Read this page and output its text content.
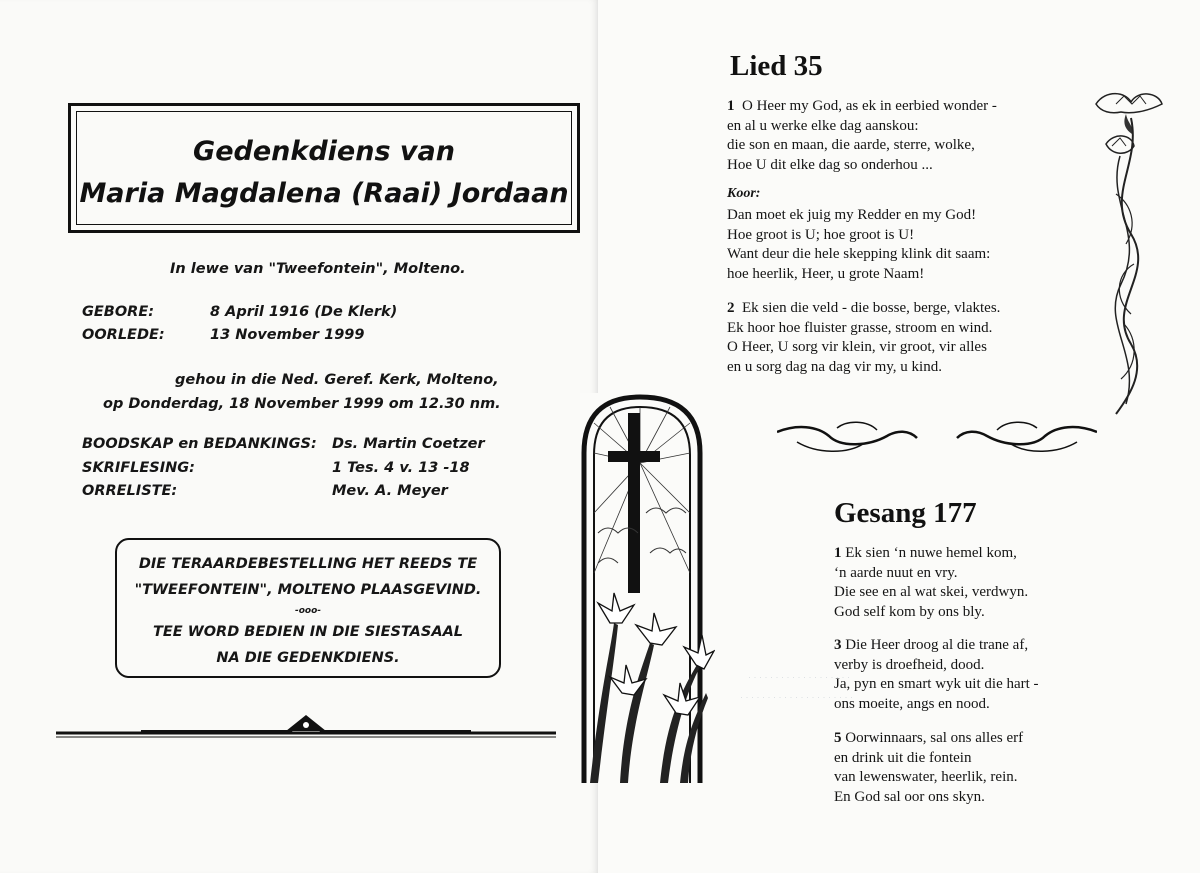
Gedenkdiens van
Maria Magdalena (Raai) Jordaan
In lewe van "Tweefontein", Molteno.
GEBORE:	8 April 1916 (De Klerk)
OORLEDE:	13 November 1999
gehou in die Ned. Geref. Kerk, Molteno,
op Donderdag, 18 November 1999 om 12.30 nm.
BOODSKAP en BEDANKINGS: Ds. Martin Coetzer
SKRIFLESING:	1 Tes. 4 v. 13 -18
ORRELISTE:	Mev. A. Meyer
DIE TERAARDEBESTELLING HET REEDS TE
"TWEEFONTEIN", MOLTENO PLAASGEVIND.
-ooo-
TEE WORD BEDIEN IN DIE SIESTASAAL
NA DIE GEDENKDIENS.
· · · · · · · · · · · · · · · · · · ·
· · · · · · · · · · · · · · · · · · · · ·
Lied 35
1 O Heer my God, as ek in eerbied wonder -
en al u werke elke dag aanskou:
die son en maan, die aarde, sterre, wolke,
Hoe U dit elke dag so onderhou ...
Koor:
Dan moet ek juig my Redder en my God!
Hoe groot is U; hoe groot is U!
Want deur die hele skepping klink dit saam:
hoe heerlik, Heer, u grote Naam!
2 Ek sien die veld - die bosse, berge, vlaktes.
Ek hoor hoe fluister grasse, stroom en wind.
O Heer, U sorg vir klein, vir groot, vir alles
en u sorg dag na dag vir my, u kind.
Gesang 177
1 Ek sien ‘n nuwe hemel kom,
‘n aarde nuut en vry.
Die see en al wat skei, verdwyn.
God self kom by ons bly.
3 Die Heer droog al die trane af,
verby is droefheid, dood.
Ja, pyn en smart wyk uit die hart -
ons moeite, angs en nood.
5 Oorwinnaars, sal ons alles erf
en drink uit die fontein
van lewenswater, heerlik, rein.
En God sal oor ons skyn.
